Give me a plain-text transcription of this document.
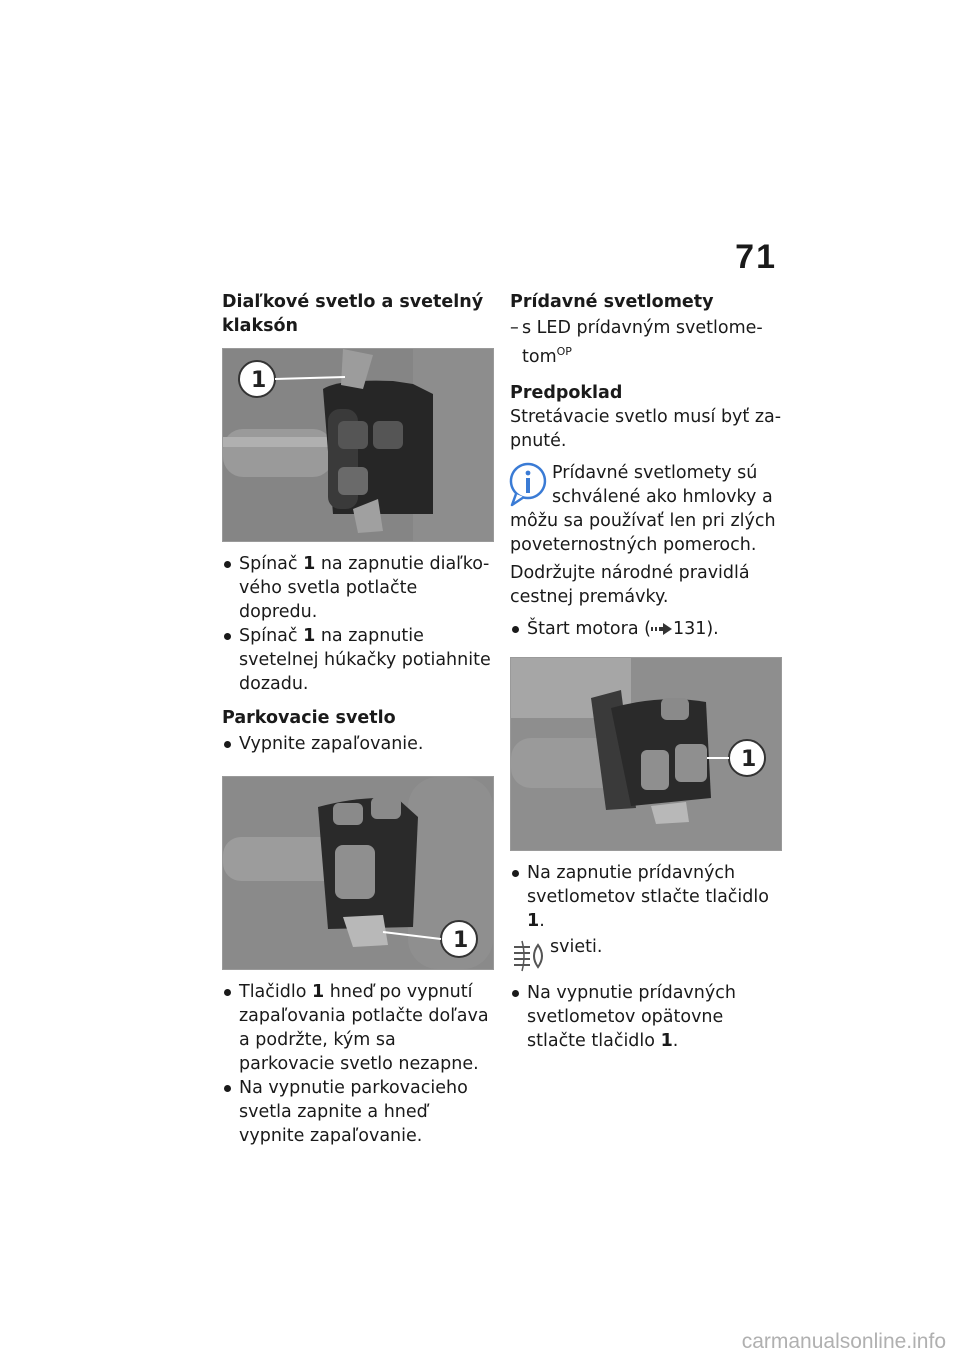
71
Diaľkové svetlo a svetelný klaksón
1
Spínač 1 na zapnutie diaľkového svetla potlačte dopredu.
Spínač 1 na zapnutie svetelnej húkačky potiahnite dozadu.
Parkovacie svetlo
Vypnite zapaľovanie.
1
Tlačidlo 1 hneď po vypnutí zapaľovania potlačte doľava a podržte, kým sa parkovacie svetlo nezapne.
Na vypnutie parkovacieho svetla zapnite a hneď vypnite zapaľovanie.
Prídavné svetlomety
– s LED prídavným svetlometom$^{OP}$
Predpoklad

Stretávacie svetlo musí byť zapnuté.

Prídavné svetlomety sú schválené ako hmlovky a môžu sa používať len pri zlých poveternostných pomeroch.

Dodržujte národné pravidlá cestnej premávky.

Štart motora ( 131).
1
Na zapnutie prídavných svetlometov stlačte tlačidlo 1.
svieti.
Na vypnutie prídavných svetlometov opätovne stlačte tlačidlo 1.
carmanualsonline.info
